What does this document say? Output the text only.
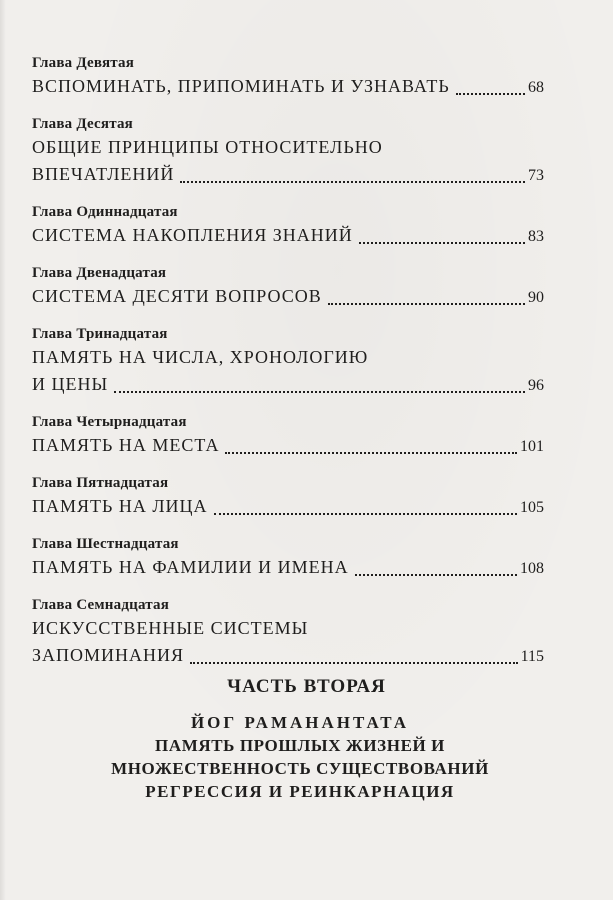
Глава Девятая
ВСПОМИНАТЬ, ПРИПОМИНАТЬ И УЗНАВАТЬ	68
Глава Десятая
ОБЩИЕ ПРИНЦИПЫ ОТНОСИТЕЛЬНО
ВПЕЧАТЛЕНИЙ	73
Глава Одиннадцатая
СИСТЕМА НАКОПЛЕНИЯ ЗНАНИЙ	83
Глава Двенадцатая
СИСТЕМА ДЕСЯТИ ВОПРОСОВ	90
Глава Тринадцатая
ПАМЯТЬ НА ЧИСЛА, ХРОНОЛОГИЮ
И ЦЕНЫ	96
Глава Четырнадцатая
ПАМЯТЬ НА МЕСТА	101
Глава Пятнадцатая
ПАМЯТЬ НА ЛИЦА	105
Глава Шестнадцатая
ПАМЯТЬ НА ФАМИЛИИ И ИМЕНА	108
Глава Семнадцатая
ИСКУССТВЕННЫЕ СИСТЕМЫ
ЗАПОМИНАНИЯ	115
ЧАСТЬ ВТОРАЯ
ЙОГ РАМАНАНТАТА
ПАМЯТЬ ПРОШЛЫХ ЖИЗНЕЙ И
МНОЖЕСТВЕННОСТЬ СУЩЕСТВОВАНИЙ
РЕГРЕССИЯ И РЕИНКАРНАЦИЯ
